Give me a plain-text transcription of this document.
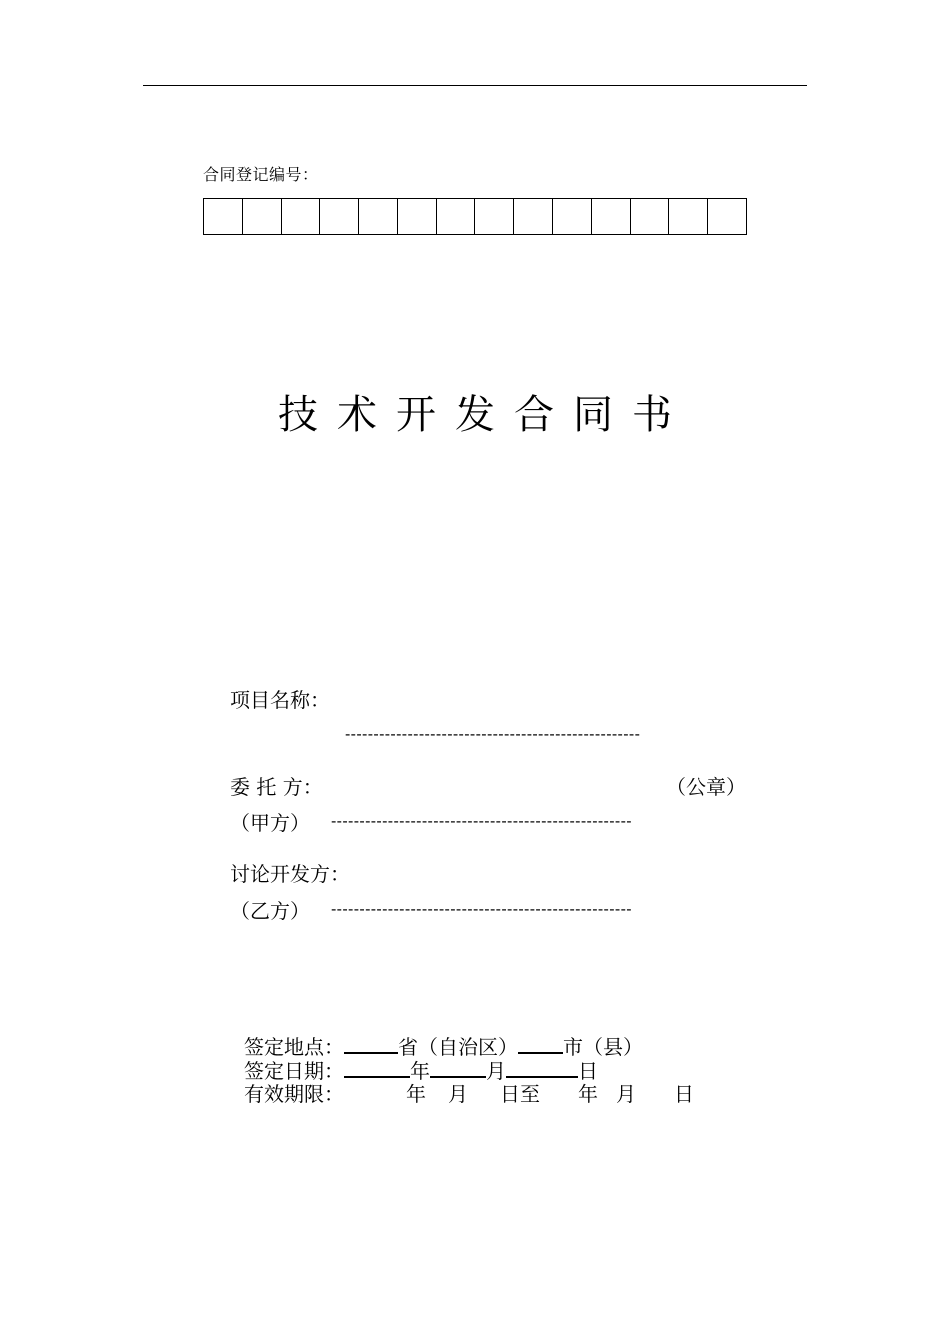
合同登记编号：
技术开发合同书
项目名称：
----------------------------------------------------
委 托 方：	（公章）
（甲方） -----------------------------------------------------
讨论开发方：
（乙方） -----------------------------------------------------
签定地点：	省（自治区） 市（县）
签定日期：	年	月	日
有效期限：	年 月 日至 年 月 日
